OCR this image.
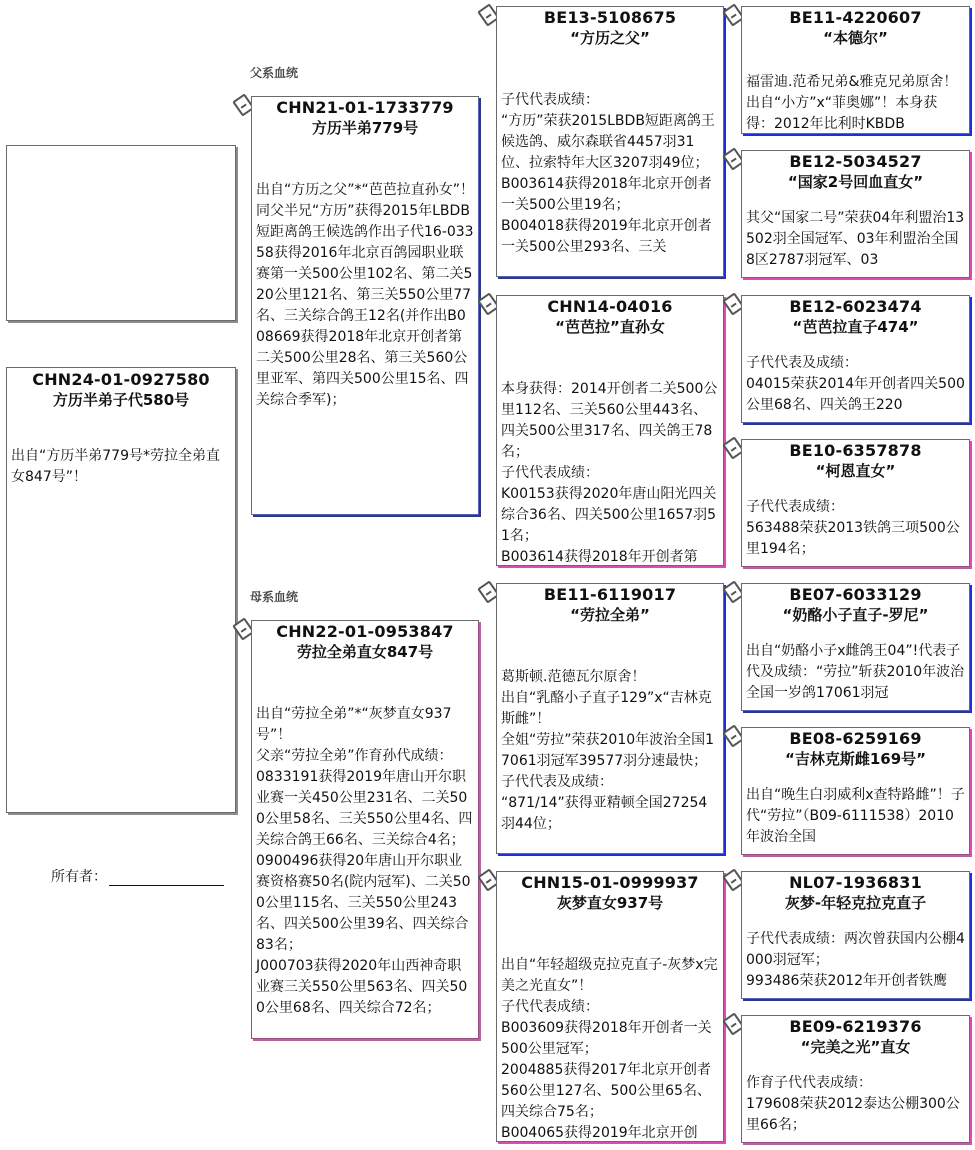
父系血统
母系血统
CHN24-01-0927580
方历半弟子代580号
出自“方历半弟779号*劳拉全弟直女847号”！
所有者：
CHN21-01-1733779
方历半弟779号
出自“方历之父”*“芭芭拉直孙女”！
同父半兄“方历”获得2015年LBDB短距离鸽王候选鸽作出子代16-03358获得2016年北京百鸽园职业联赛第一关500公里102名、第二关520公里121名、第三关550公里77名、三关综合鸽王12名(并作出B008669获得2018年北京开创者第二关500公里28名、第三关560公里亚军、第四关500公里15名、四关综合季军)；
CHN22-01-0953847
劳拉全弟直女847号
出自“劳拉全弟”*“灰梦直女937号”！
父亲“劳拉全弟”作育孙代成绩：
0833191获得2019年唐山开尔职业赛一关450公里231名、二关500公里58名、三关550公里4名、四关综合鸽王66名、三关综合4名；
0900496获得20年唐山开尔职业赛资格赛50名(院内冠军)、二关500公里115名、三关550公里243名、四关500公里39名、四关综合83名；
J000703获得2020年山西神奇职业赛三关550公里563名、四关500公里68名、四关综合72名；
BE13-5108675
“方历之父”
子代代表成绩：
“方历”荣获2015LBDB短距离鸽王候选鸽、威尔森联省4457羽31位、拉索特年大区3207羽49位；
B003614获得2018年北京开创者一关500公里19名；
B004018获得2019年北京开创者一关500公里293名、三关
CHN14-04016
“芭芭拉”直孙女
本身获得：2014开创者二关500公里112名、三关560公里443名、四关500公里317名、四关鸽王78名；
子代代表成绩：
K00153获得2020年唐山阳光四关综合36名、四关500公里1657羽51名；
B003614获得2018年开创者第
BE11-6119017
“劳拉全弟”
葛斯顿.范德瓦尔原舍！
出自“乳酪小子直子129”x“吉林克斯雌”！
全姐“劳拉”荣获2010年波治全国17061羽冠军39577羽分速最快；
子代代表及成绩：
“871/14”获得亚精顿全国27254羽44位；
CHN15-01-0999937
灰梦直女937号
出自“年轻超级克拉克直子-灰梦x完美之光直女”！
子代代表成绩：
B003609获得2018年开创者一关500公里冠军；
2004885获得2017年北京开创者560公里127名、500公里65名、四关综合75名；
B004065获得2019年北京开创
BE11-4220607
“本德尔”
福雷迪.范希兄弟&雅克兄弟原舍！出自“小方”x“菲奥娜”！本身获得：2012年比利时KBDB
BE12-5034527
“国家2号回血直女”
其父“国家二号”荣获04年利盟治13502羽全国冠军、03年利盟治全国8区2787羽冠军、03
BE12-6023474
“芭芭拉直子474”
子代代表及成绩：
04015荣获2014年开创者四关500公里68名、四关鸽王220
BE10-6357878
“柯恩直女”
子代代表成绩：
563488荣获2013铁鸽三项500公里194名；
BE07-6033129
“奶酪小子直子-罗尼”
出自“奶酪小子x雌鸽王04”!代表子代及成绩：“劳拉”斩获2010年波治全国一岁鸽17061羽冠
BE08-6259169
“吉林克斯雌169号”
出自“晚生白羽威利x查特路雌”！子代“劳拉”（B09-6111538）2010年波治全国
NL07-1936831
灰梦-年轻克拉克直子
子代代表成绩：两次曾获国内公棚4000羽冠军；
993486荣获2012年开创者铁鹰
BE09-6219376
“完美之光”直女
作育子代代表成绩：
179608荣获2012泰达公棚300公里66名；
